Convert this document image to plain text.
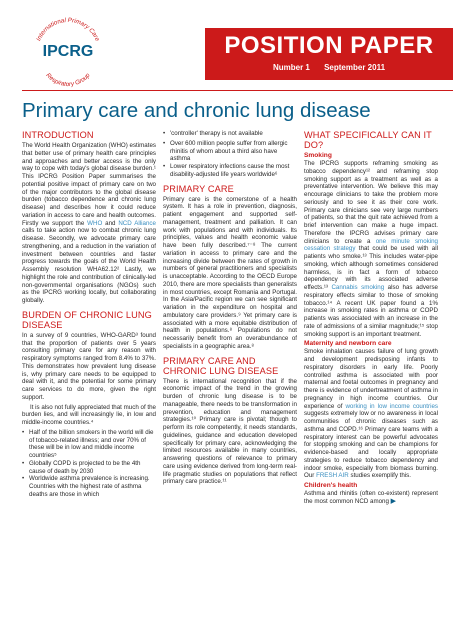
International Primary Care
Respiratory Group
IPCRG	POSITION PAPER
Number 1 September 2011
Primary care and chronic lung disease
INTRODUCTION

The World Health Organization (WHO) estimates that better use of primary health care principles and approaches and better access is the only way to cope with today's global disease burden.¹ This IPCRG Position Paper summarises the potential positive impact of primary care on two of the major contributors to the global disease burden (tobacco dependence and chronic lung disease) and describes how it could reduce variation in access to care and health outcomes. Firstly we support the WHO and NCD Alliance calls to take action now to combat chronic lung disease. Secondly, we advocate primary care strengthening, and a reduction in the variation of investment between countries and faster progress towards the goals of the World Health Assembly resolution WHA62.12² Lastly, we highlight the role and contribution of clinically-led non-governmental organisations (NGOs) such as the IPCRG working locally, but collaborating globally.

BURDEN OF CHRONIC LUNG DISEASE

In a survey of 9 countries, WHO-GARD³ found that the proportion of patients over 5 years consulting primary care for any reason with respiratory symptoms ranged from 8.4% to 37%. This demonstrates how prevalent lung disease is, why primary care needs to be equipped to deal with it, and the potential for some primary care services to do more, given the right support.

It is also not fully appreciated that much of the burden lies, and will increasingly lie, in low and middle-income countries.⁴

• Half of the billion smokers in the world will die of tobacco-related illness; and over 70% of these will be in low and middle income countries⁵
• Globally COPD is projected to be the 4th cause of death by 2030
• Worldwide asthma prevalence is increasing. Countries with the highest rate of asthma deaths are those in which
• 'controller' therapy is not available
• Over 600 million people suffer from allergic rhinitis of whom about a third also have asthma
• Lower respiratory infections cause the most disability-adjusted life years worldwide⁶
PRIMARY CARE

Primary care is the cornerstone of a health system. It has a role in prevention, diagnosis, patient engagement and supported self-management, treatment and palliation. It can work with populations and with individuals. Its principles, values and health economic value have been fully described.⁷⁻⁸ The current variation in access to primary care and the increasing divide between the rates of growth in numbers of general practitioners and specialists is unacceptable. According to the OECD Europe 2010, there are more specialists than generalists in most countries, except Romania and Portugal. In the Asia/Pacific region we can see significant variation in the expenditure on hospital and ambulatory care providers.⁹ Yet primary care is associated with a more equitable distribution of health in populations.⁸ Populations do not necessarily benefit from an overabundance of specialists in a geographic area.⁸

PRIMARY CARE AND CHRONIC LUNG DISEASE

There is international recognition that if the economic impact of the trend in the growing burden of chronic lung disease is to be manageable, there needs to be transformation in prevention, education and management strategies.¹⁰ Primary care is pivotal; though to perform its role competently, it needs standards, guidelines, guidance and education developed specifically for primary care, acknowledging the limited resources available in many countries, answering questions of relevance to primary care using evidence derived from long-term real-life pragmatic studies on populations that reflect primary care practice.¹¹

WHAT SPECIFICALLY CAN IT DO?
Smoking

The IPCRG supports reframing smoking as tobacco dependency¹² and reframing stop smoking support as a treatment as well as a preventative intervention. We believe this may encourage clinicians to take the problem more seriously and to see it as their core work. Primary care clinicians see very large numbers of patients, so that the quit rate achieved from a brief intervention can make a huge impact. Therefore the IPCRG advises primary care clinicians to create a one minute smoking cessation strategy that could be used with all patients who smoke.¹³ This includes water-pipe smoking, which although sometimes considered harmless, is in fact a form of tobacco dependency with its associated adverse effects.¹³ Cannabis smoking also has adverse respiratory effects similar to those of smoking tobacco.¹⁴ A recent UK paper found a 1% increase in smoking rates in asthma or COPD patients was associated with an increase in the rate of admissions of a similar magnitude;¹⁵ stop smoking support is an important treatment.

Maternity and newborn care

Smoke inhalation causes failure of lung growth and development predisposing infants to respiratory disorders in early life. Poorly controlled asthma is associated with poor maternal and foetal outcomes in pregnancy and there is evidence of undertreatment of asthma in pregnancy in high income countries. Our experience of working in low income countries suggests extremely low or no awareness in local communities of chronic diseases such as asthma and COPD.¹⁶ Primary care teams with a respiratory interest can be powerful advocates for stopping smoking and can be champions for evidence-based and locally appropriate strategies to reduce tobacco dependency and indoor smoke, especially from biomass burning. Our FRESH AIR studies exemplify this.

Children's health

Asthma and rhinitis (often co-existent) represent the most common NCD among ▶
